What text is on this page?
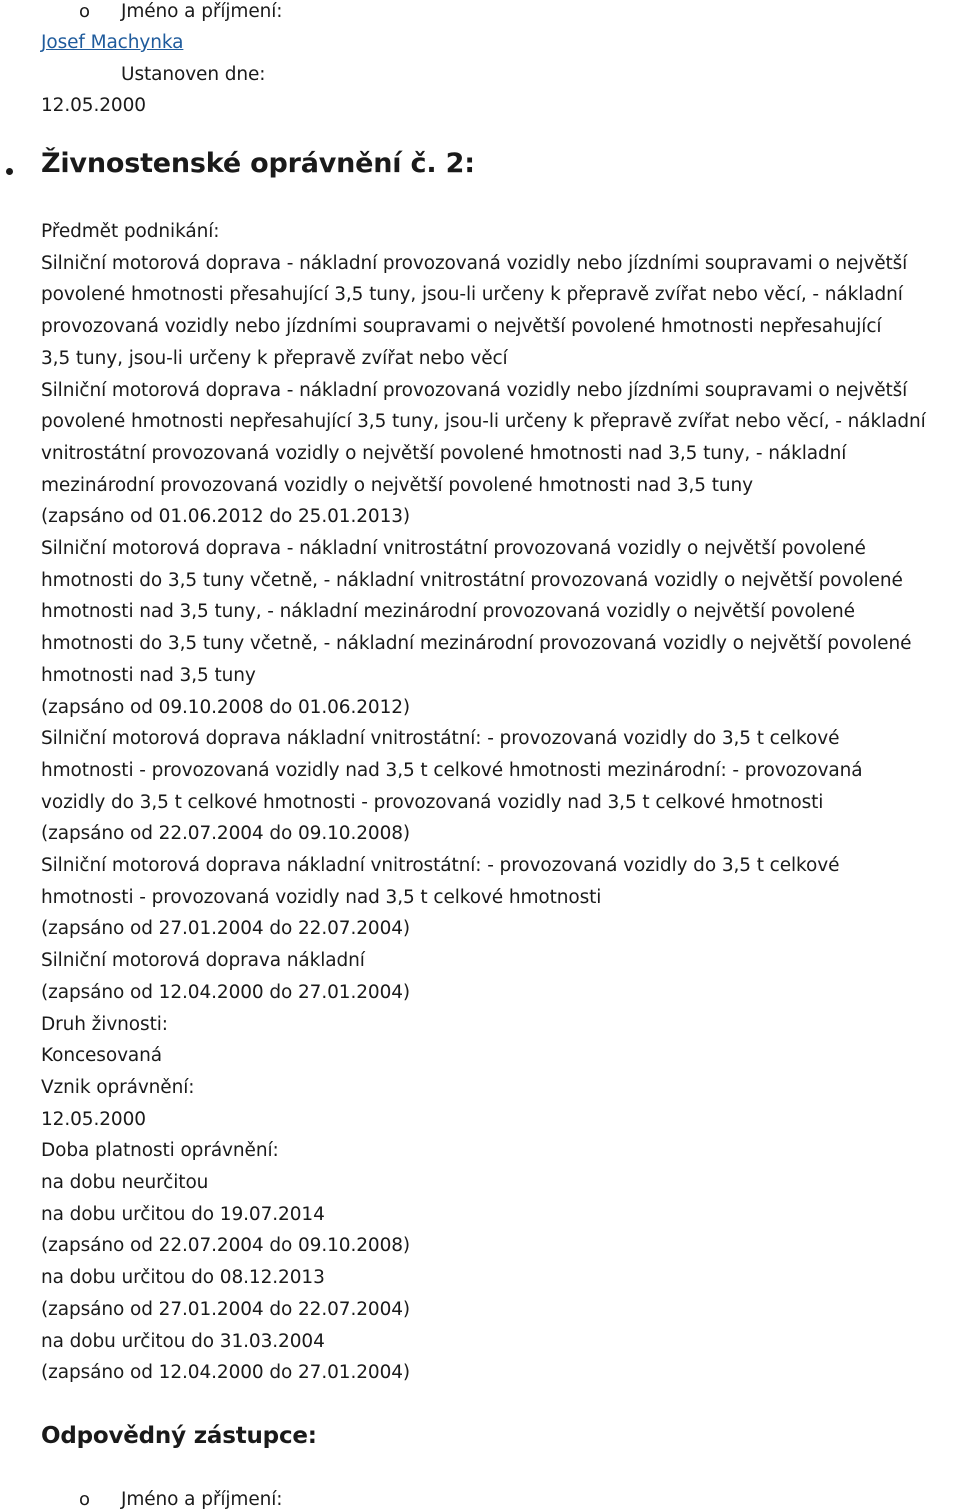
o Jméno a příjmení:
Josef Machynka
Ustanoven dne:
12.05.2000
Živnostenské oprávnění č. 2:
Předmět podnikání:
Silniční motorová doprava - nákladní provozovaná vozidly nebo jízdními soupravami o největší
povolené hmotnosti přesahující 3,5 tuny, jsou-li určeny k přepravě zvířat nebo věcí, - nákladní
provozovaná vozidly nebo jízdními soupravami o největší povolené hmotnosti nepřesahující
3,5 tuny, jsou-li určeny k přepravě zvířat nebo věcí
Silniční motorová doprava - nákladní provozovaná vozidly nebo jízdními soupravami o největší
povolené hmotnosti nepřesahující 3,5 tuny, jsou-li určeny k přepravě zvířat nebo věcí, - nákladní
vnitrostátní provozovaná vozidly o největší povolené hmotnosti nad 3,5 tuny, - nákladní
mezinárodní provozovaná vozidly o největší povolené hmotnosti nad 3,5 tuny
(zapsáno od 01.06.2012 do 25.01.2013)
Silniční motorová doprava - nákladní vnitrostátní provozovaná vozidly o největší povolené
hmotnosti do 3,5 tuny včetně, - nákladní vnitrostátní provozovaná vozidly o největší povolené
hmotnosti nad 3,5 tuny, - nákladní mezinárodní provozovaná vozidly o největší povolené
hmotnosti do 3,5 tuny včetně, - nákladní mezinárodní provozovaná vozidly o největší povolené
hmotnosti nad 3,5 tuny
(zapsáno od 09.10.2008 do 01.06.2012)
Silniční motorová doprava nákladní vnitrostátní: - provozovaná vozidly do 3,5 t celkové
hmotnosti - provozovaná vozidly nad 3,5 t celkové hmotnosti mezinárodní: - provozovaná
vozidly do 3,5 t celkové hmotnosti - provozovaná vozidly nad 3,5 t celkové hmotnosti
(zapsáno od 22.07.2004 do 09.10.2008)
Silniční motorová doprava nákladní vnitrostátní: - provozovaná vozidly do 3,5 t celkové
hmotnosti - provozovaná vozidly nad 3,5 t celkové hmotnosti
(zapsáno od 27.01.2004 do 22.07.2004)
Silniční motorová doprava nákladní
(zapsáno od 12.04.2000 do 27.01.2004)
Druh živnosti:
Koncesovaná
Vznik oprávnění:
12.05.2000
Doba platnosti oprávnění:
na dobu neurčitou
na dobu určitou do 19.07.2014
(zapsáno od 22.07.2004 do 09.10.2008)
na dobu určitou do 08.12.2013
(zapsáno od 27.01.2004 do 22.07.2004)
na dobu určitou do 31.03.2004
(zapsáno od 12.04.2000 do 27.01.2004)
Odpovědný zástupce:
o Jméno a příjmení:
